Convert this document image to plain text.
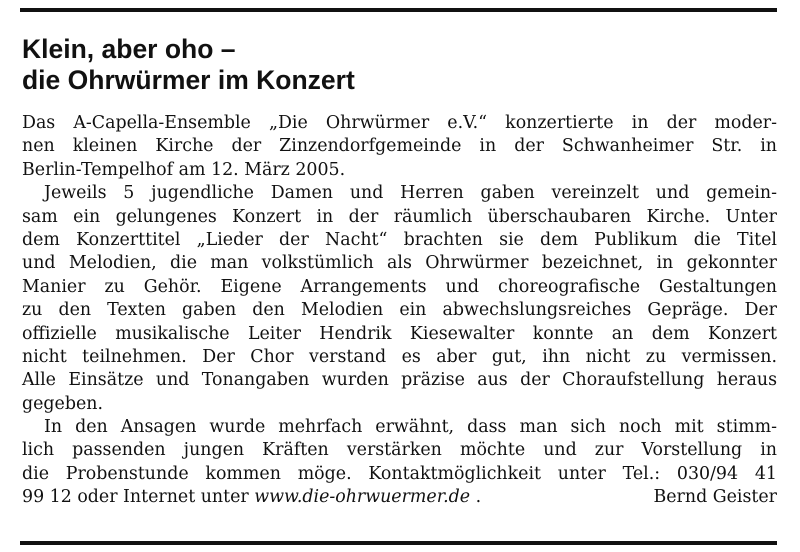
Klein, aber oho –
die Ohrwürmer im Konzert
Das A-Capella-Ensemble „Die Ohrwürmer e.V.“ konzertierte in der moder-
nen kleinen Kirche der Zinzendorfgemeinde in der Schwanheimer Str. in
Berlin-Tempelhof am 12. März 2005.
Jeweils 5 jugendliche Damen und Herren gaben vereinzelt und gemein-
sam ein gelungenes Konzert in der räumlich überschaubaren Kirche. Unter
dem Konzerttitel „Lieder der Nacht“ brachten sie dem Publikum die Titel
und Melodien, die man volkstümlich als Ohrwürmer bezeichnet, in gekonnter
Manier zu Gehör. Eigene Arrangements und choreografische Gestaltungen
zu den Texten gaben den Melodien ein abwechslungsreiches Gepräge. Der
offizielle musikalische Leiter Hendrik Kiesewalter konnte an dem Konzert
nicht teilnehmen. Der Chor verstand es aber gut, ihn nicht zu vermissen.
Alle Einsätze und Tonangaben wurden präzise aus der Choraufstellung heraus
gegeben.
In den Ansagen wurde mehrfach erwähnt, dass man sich noch mit stimm-
lich passenden jungen Kräften verstärken möchte und zur Vorstellung in
die Probenstunde kommen möge. Kontaktmöglichkeit unter Tel.: 030/94 41
99 12 oder Internet unter www.die-ohrwuermer.de .	Bernd Geister
